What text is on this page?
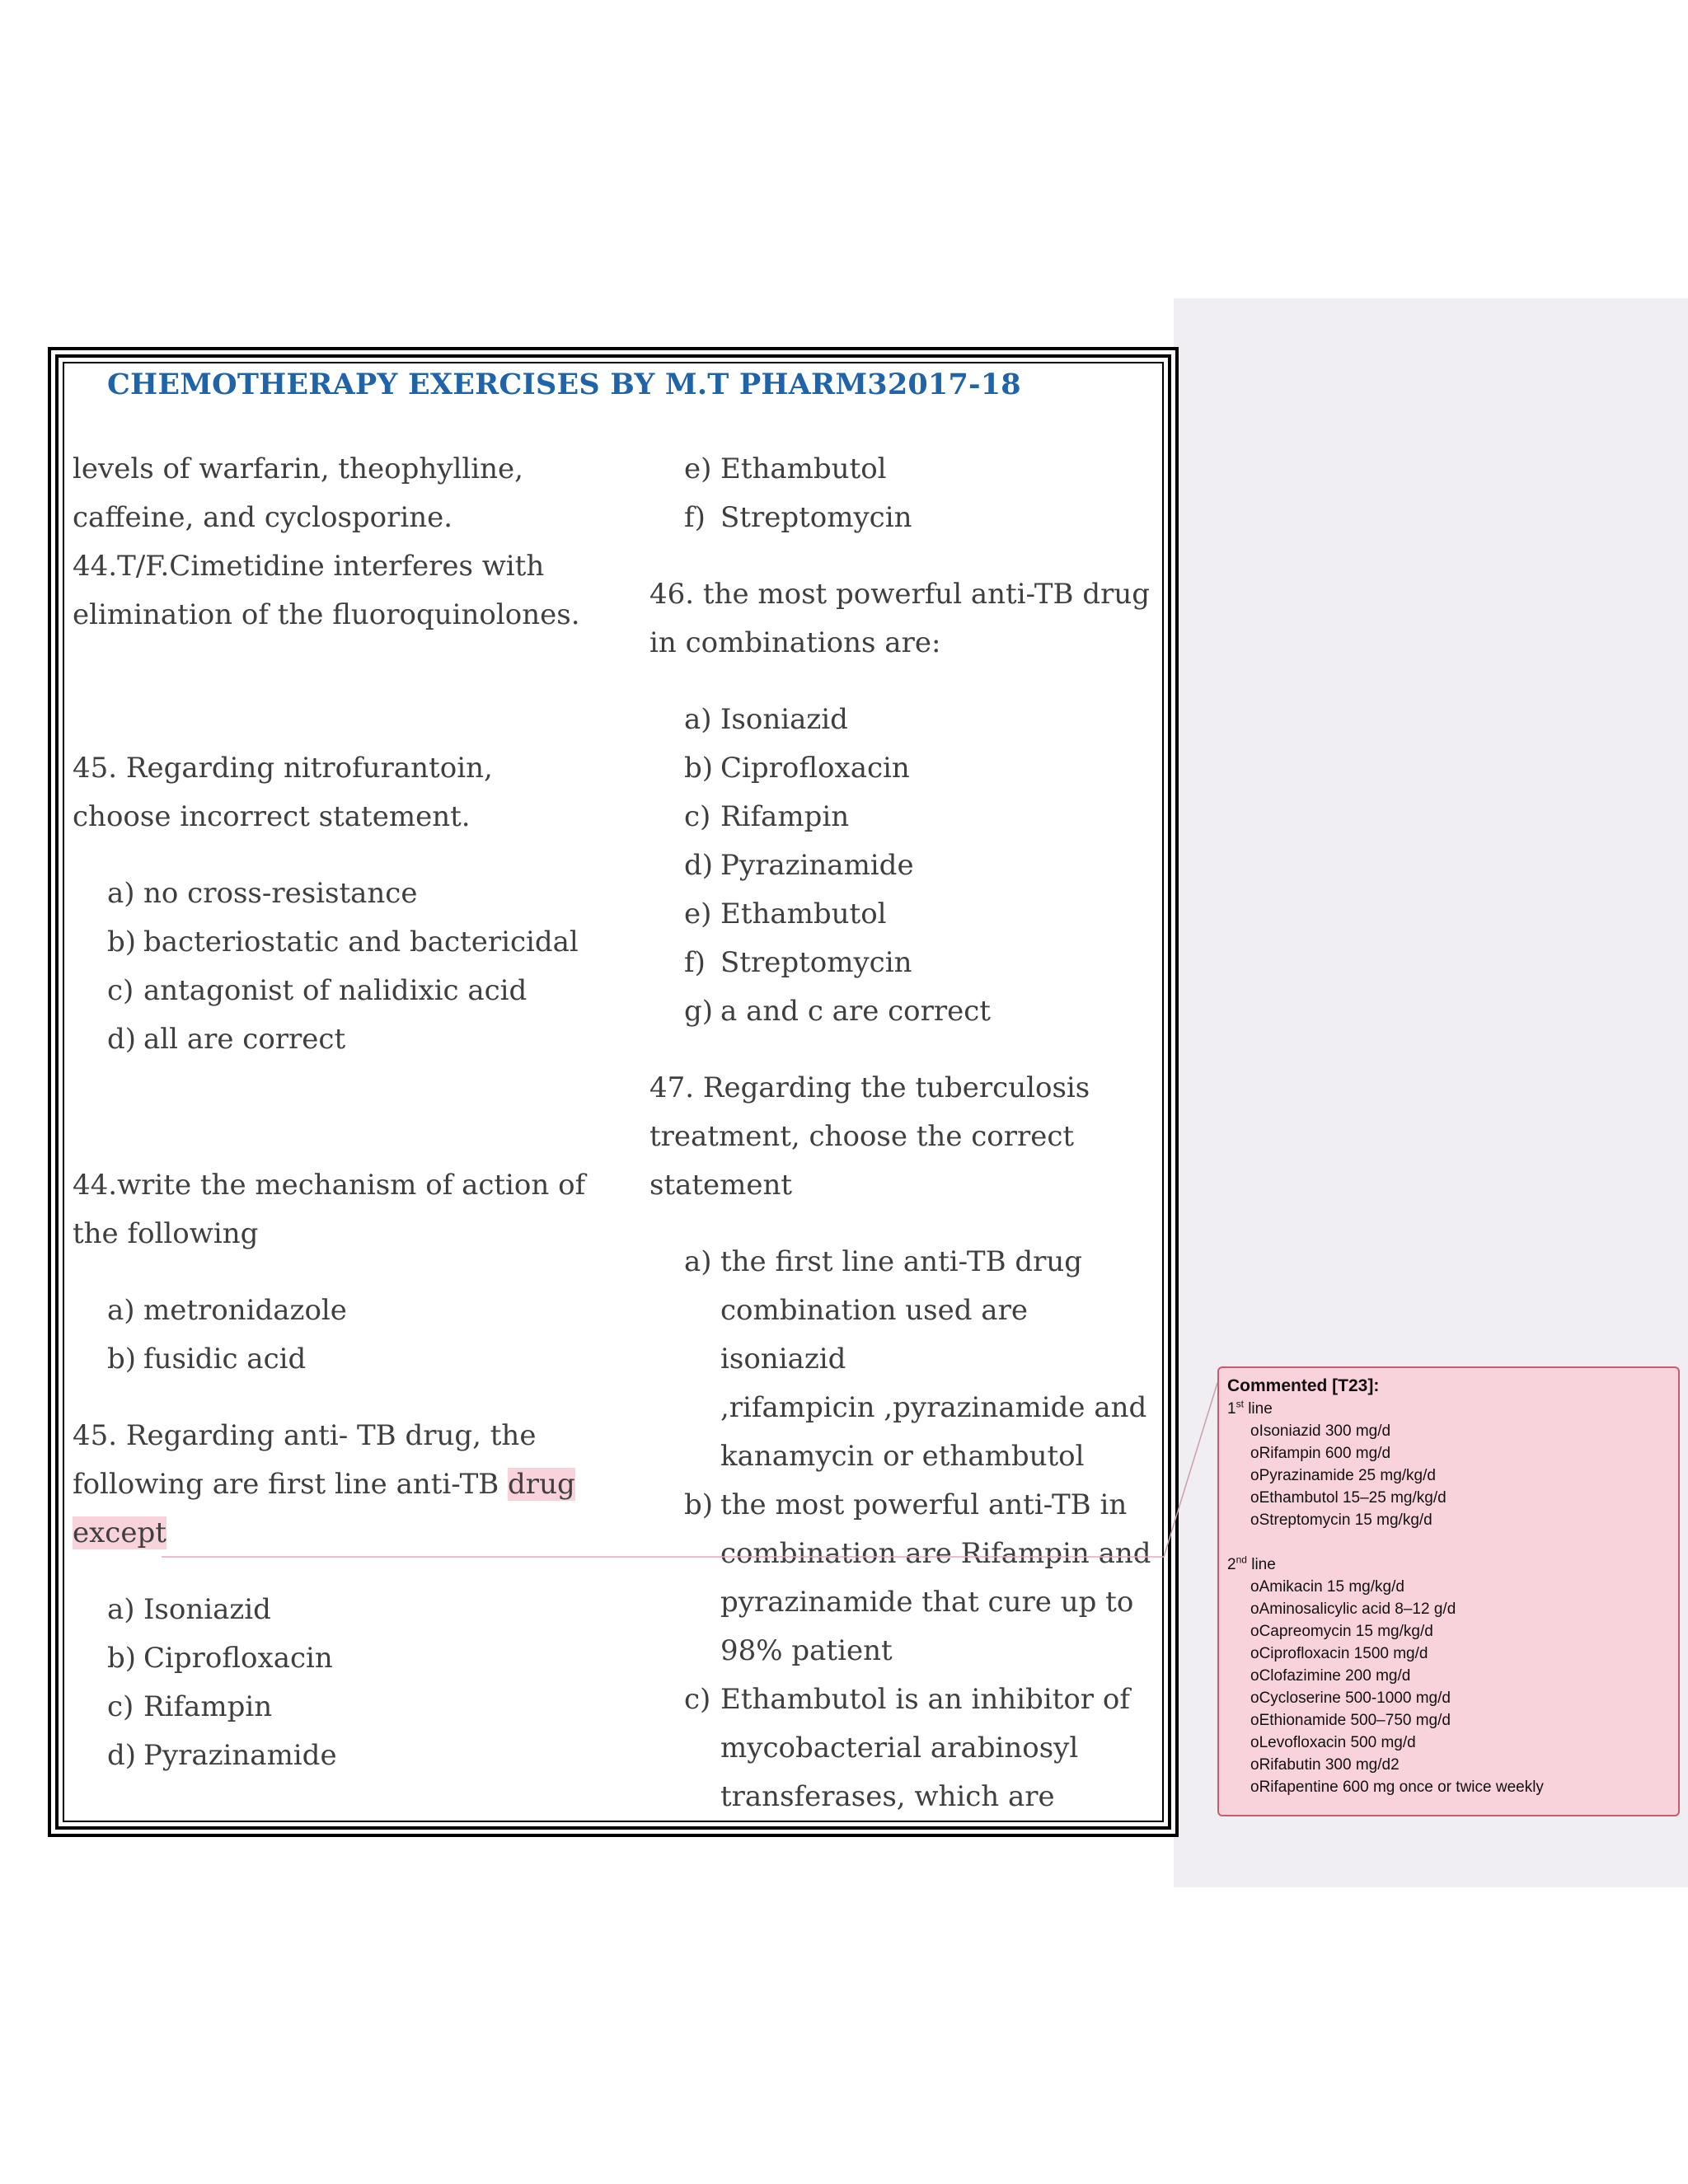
CHEMOTHERAPY EXERCISES BY M.T PHARM32017-18

levels of warfarin, theophylline,

caffeine, and cyclosporine.

44.T/F.Cimetidine interferes with

elimination of the fluoroquinolones.

45. Regarding nitrofurantoin,

choose incorrect statement.

a) no cross-resistance
b) bacteriostatic and bactericidal
c) antagonist of nalidixic acid
d) all are correct

44.write the mechanism of action of

the following

a) metronidazole
b) fusidic acid

45. Regarding anti- TB drug, the

following are first line anti-TB drug

except

a) Isoniazid
b) Ciprofloxacin
c) Rifampin
d) Pyrazinamide
e) Ethambutol
f) Streptomycin

46. the most powerful anti-TB drug

in combinations are:

a) Isoniazid
b) Ciprofloxacin
c) Rifampin
d) Pyrazinamide
e) Ethambutol
f) Streptomycin
g) a and c are correct

47. Regarding the tuberculosis

treatment, choose the correct

statement

a) the first line anti-TB drug
combination used are isoniazid
,rifampicin ,pyrazinamide and
kanamycin or ethambutol
b) the most powerful anti-TB in
combination are Rifampin and
pyrazinamide that cure up to
98% patient
c) Ethambutol is an inhibitor of
mycobacterial arabinosyl
transferases, which are
Commented [T23]:
1st line
oIsoniazid 300 mg/d
oRifampin 600 mg/d
oPyrazinamide 25 mg/kg/d
oEthambutol 15–25 mg/kg/d
oStreptomycin 15 mg/kg/d
2nd line
oAmikacin 15 mg/kg/d
oAminosalicylic acid 8–12 g/d
oCapreomycin 15 mg/kg/d
oCiprofloxacin 1500 mg/d
oClofazimine 200 mg/d
oCycloserine 500-1000 mg/d
oEthionamide 500–750 mg/d
oLevofloxacin 500 mg/d
oRifabutin 300 mg/d2
oRifapentine 600 mg once or twice weekly
